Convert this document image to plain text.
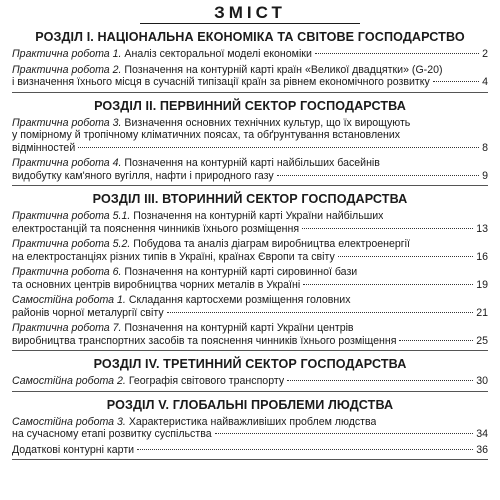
ЗМІСТ
РОЗДІЛ І. НАЦІОНАЛЬНА ЕКОНОМІКА ТА СВІТОВЕ ГОСПОДАРСТВО
Практична робота 1. Аналіз секторальної моделі економіки	2
Практична робота 2. Позначення на контурній карті країн «Великої двадцятки» (G-20)
і визначення їхнього місця в сучасній типізації країн за рівнем економічного розвитку	4
РОЗДІЛ ІІ. ПЕРВИННИЙ СЕКТОР ГОСПОДАРСТВА
Практична робота 3. Визначення основних технічних культур, що їх вирощують
у помірному й тропічному кліматичних поясах, та обґрунтування встановлених
відмінностей	8
Практична робота 4. Позначення на контурній карті найбільших басейнів
видобутку кам'яного вугілля, нафти і природного газу	9
РОЗДІЛ ІІІ. ВТОРИННИЙ СЕКТОР ГОСПОДАРСТВА
Практична робота 5.1. Позначення на контурній карті України найбільших
електростанцій та пояснення чинників їхнього розміщення	13
Практична робота 5.2. Побудова та аналіз діаграм виробництва електроенергії
на електростанціях різних типів в Україні, країнах Європи та світу	16
Практична робота 6. Позначення на контурній карті сировинної бази
та основних центрів виробництва чорних металів в Україні	19
Самостійна робота 1. Складання картосхеми розміщення головних
районів чорної металургії світу	21
Практична робота 7. Позначення на контурній карті України центрів
виробництва транспортних засобів та пояснення чинників їхнього розміщення	25
РОЗДІЛ ІV. ТРЕТИННИЙ СЕКТОР ГОСПОДАРСТВА
Самостійна робота 2. Географія світового транспорту	30
РОЗДІЛ V. ГЛОБАЛЬНІ ПРОБЛЕМИ ЛЮДСТВА
Самостійна робота 3. Характеристика найважливіших проблем людства
на сучасному етапі розвитку суспільства	34
Додаткові контурні карти	36
